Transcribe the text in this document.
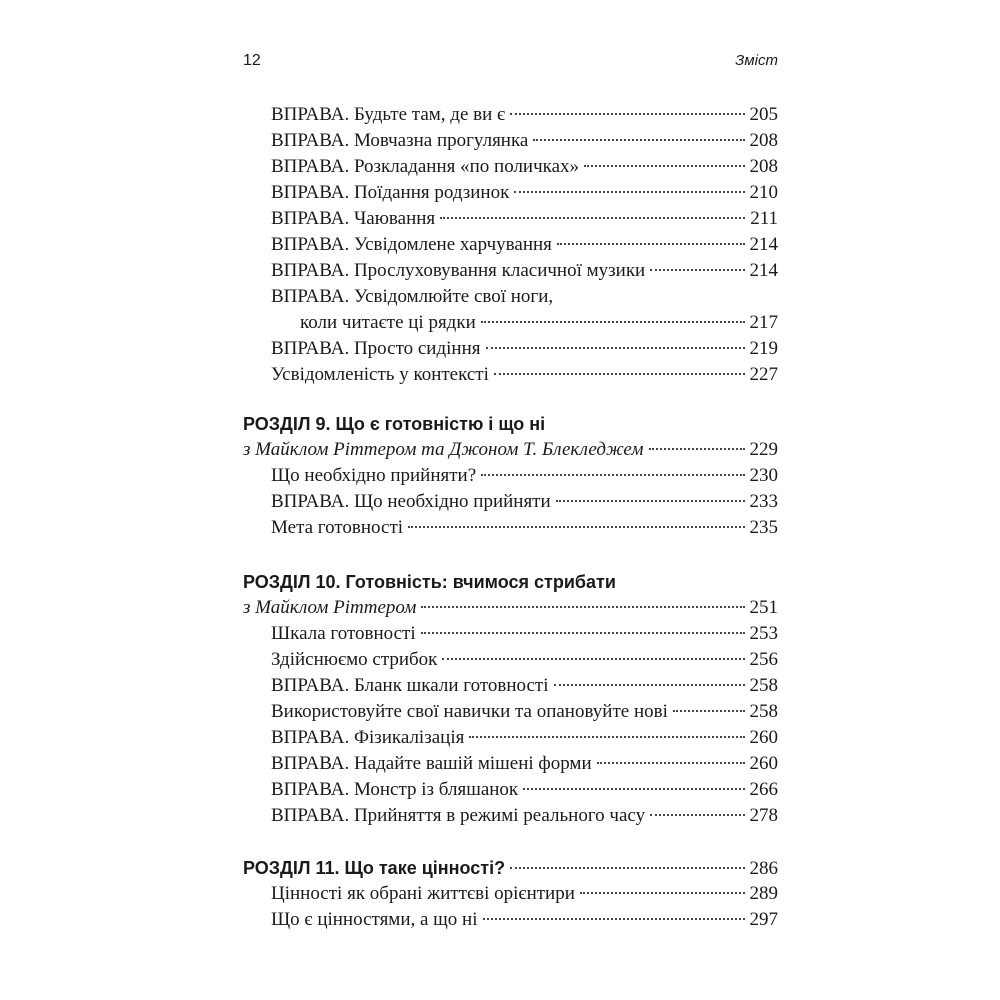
12	Зміст
ВПРАВА. Будьте там, де ви є	205
ВПРАВА. Мовчазна прогулянка	208
ВПРАВА. Розкладання «по поличках»	208
ВПРАВА. Поїдання родзинок	210
ВПРАВА. Чаювання	211
ВПРАВА. Усвідомлене харчування	214
ВПРАВА. Прослуховування класичної музики	214
ВПРАВА. Усвідомлюйте свої ноги,
коли читаєте ці рядки	217
ВПРАВА. Просто сидіння	219
Усвідомленість у контексті	227
РОЗДІЛ 9. Що є готовністю і що ні
з Майклом Ріттером та Джоном Т. Блекледжем	229
Що необхідно прийняти?	230
ВПРАВА. Що необхідно прийняти	233
Мета готовності	235
РОЗДІЛ 10. Готовність: вчимося стрибати
з Майклом Ріттером	251
Шкала готовності	253
Здійснюємо стрибок	256
ВПРАВА. Бланк шкали готовності	258
Використовуйте свої навички та опановуйте нові	258
ВПРАВА. Фізикалізація	260
ВПРАВА. Надайте вашій мішені форми	260
ВПРАВА. Монстр із бляшанок	266
ВПРАВА. Прийняття в режимі реального часу	278
РОЗДІЛ 11. Що таке цінності?	286
Цінності як обрані життєві орієнтири	289
Що є цінностями, а що ні	297
